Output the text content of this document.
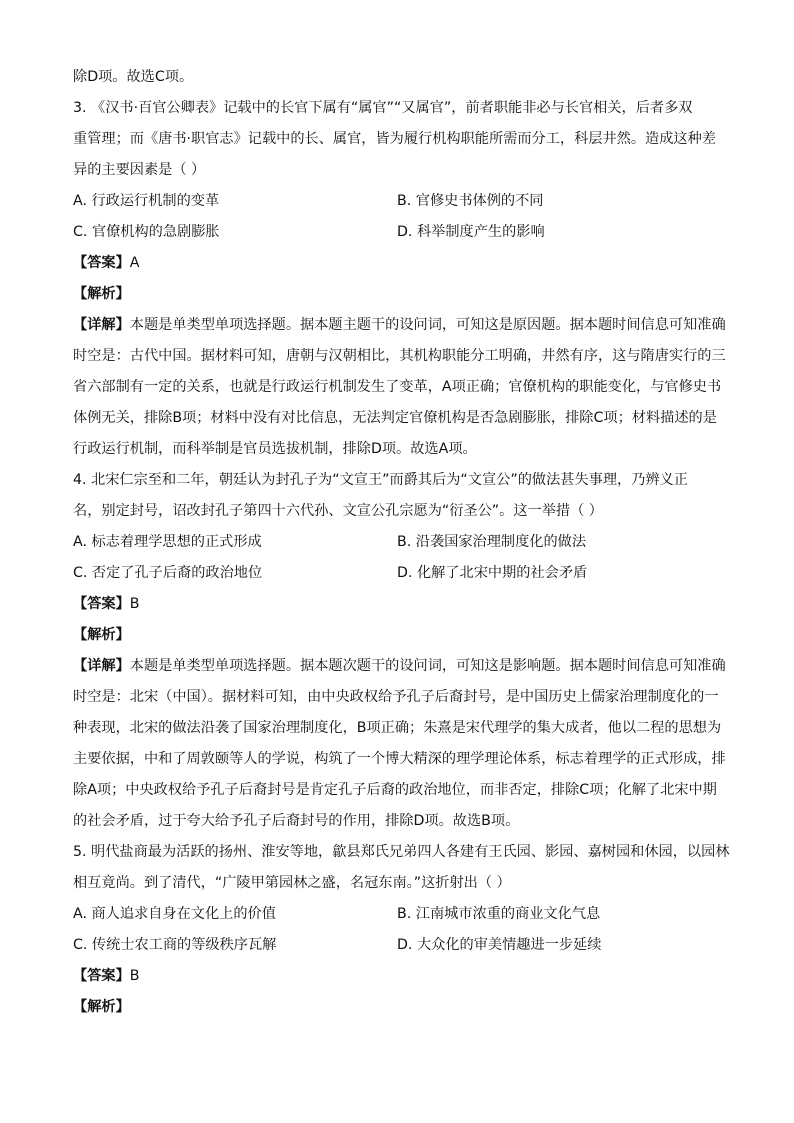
除D项。故选C项。
3. 《汉书·百官公卿表》记载中的长官下属有“属官”“又属官”，前者职能非必与长官相关，后者多双
重管理；而《唐书·职官志》记载中的长、属官，皆为履行机构职能所需而分工，科层井然。造成这种差
异的主要因素是（ ）
A. 行政运行机制的变革	B. 官修史书体例的不同
C. 官僚机构的急剧膨胀	D. 科举制度产生的影响
【答案】A
【解析】
【详解】本题是单类型单项选择题。据本题主题干的设问词，可知这是原因题。据本题时间信息可知准确
时空是：古代中国。据材料可知，唐朝与汉朝相比，其机构职能分工明确，井然有序，这与隋唐实行的三
省六部制有一定的关系，也就是行政运行机制发生了变革，A项正确；官僚机构的职能变化，与官修史书
体例无关，排除B项；材料中没有对比信息，无法判定官僚机构是否急剧膨胀，排除C项；材料描述的是
行政运行机制，而科举制是官员选拔机制，排除D项。故选A项。
4. 北宋仁宗至和二年，朝廷认为封孔子为“文宣王”而爵其后为“文宣公”的做法甚失事理，乃辨义正
名，别定封号，诏改封孔子第四十六代孙、文宣公孔宗愿为“衍圣公”。这一举措（ ）
A. 标志着理学思想的正式形成	B. 沿袭国家治理制度化的做法
C. 否定了孔子后裔的政治地位	D. 化解了北宋中期的社会矛盾
【答案】B
【解析】
【详解】本题是单类型单项选择题。据本题次题干的设问词，可知这是影响题。据本题时间信息可知准确
时空是：北宋（中国）。据材料可知，由中央政权给予孔子后裔封号，是中国历史上儒家治理制度化的一
种表现，北宋的做法沿袭了国家治理制度化，B项正确；朱熹是宋代理学的集大成者，他以二程的思想为
主要依据，中和了周敦颐等人的学说，构筑了一个博大精深的理学理论体系，标志着理学的正式形成，排
除A项；中央政权给予孔子后裔封号是肯定孔子后裔的政治地位，而非否定，排除C项；化解了北宋中期
的社会矛盾，过于夸大给予孔子后裔封号的作用，排除D项。故选B项。
5. 明代盐商最为活跃的扬州、淮安等地，歙县郑氏兄弟四人各建有王氏园、影园、嘉树园和休园，以园林
相互竟尚。到了清代，“广陵甲第园林之盛，名冠东南。”这折射出（ ）
A. 商人追求自身在文化上的价值	B. 江南城市浓重的商业文化气息
C. 传统士农工商的等级秩序瓦解	D. 大众化的审美情趣进一步延续
【答案】B
【解析】
